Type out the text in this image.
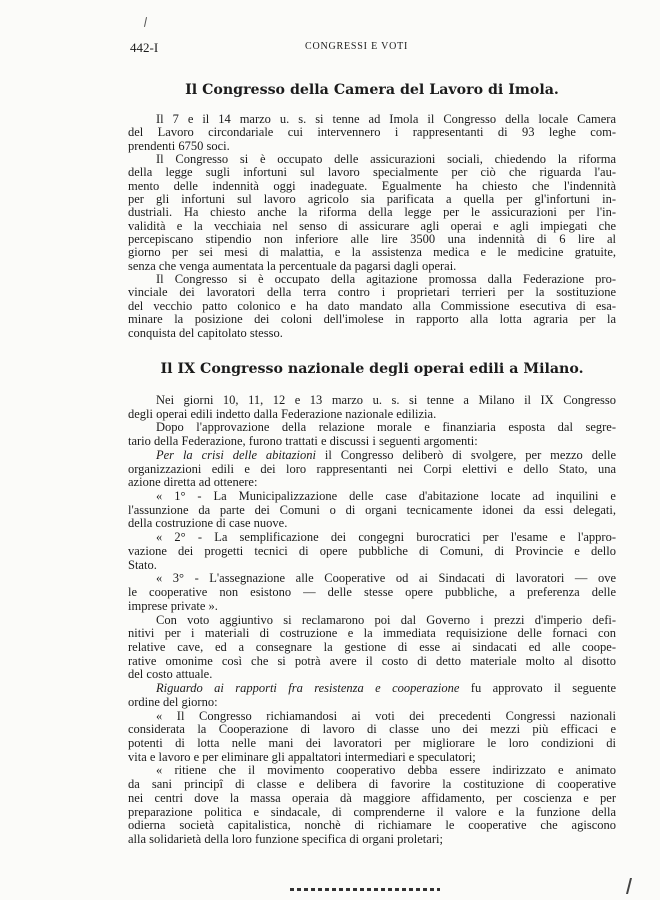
442-I	CONGRESSI E VOTI
Il Congresso della Camera del Lavoro di Imola.

Il 7 e il 14 marzo u. s. si tenne ad Imola il Congresso della locale Camera
del Lavoro circondariale cui intervennero i rappresentanti di 93 leghe com-
prendenti 6750 soci.

Il Congresso si è occupato delle assicurazioni sociali, chiedendo la riforma
della legge sugli infortuni sul lavoro specialmente per ciò che riguarda l'au-
mento delle indennità oggi inadeguate. Egualmente ha chiesto che l'indennità
per gli infortuni sul lavoro agricolo sia parificata a quella per gl'infortuni in-
dustriali. Ha chiesto anche la riforma della legge per le assicurazioni per l'in-
validità e la vecchiaia nel senso di assicurare agli operai e agli impiegati che
percepiscano stipendio non inferiore alle lire 3500 una indennità di 6 lire al
giorno per sei mesi di malattia, e la assistenza medica e le medicine gratuite,
senza che venga aumentata la percentuale da pagarsi dagli operai.

Il Congresso si è occupato della agitazione promossa dalla Federazione pro-
vinciale dei lavoratori della terra contro i proprietari terrieri per la sostituzione
del vecchio patto colonico e ha dato mandato alla Commissione esecutiva di esa-
minare la posizione dei coloni dell'imolese in rapporto alla lotta agraria per la
conquista del capitolato stesso.

Il IX Congresso nazionale degli operai edili a Milano.

Nei giorni 10, 11, 12 e 13 marzo u. s. si tenne a Milano il IX Congresso
degli operai edili indetto dalla Federazione nazionale edilizia.

Dopo l'approvazione della relazione morale e finanziaria esposta dal segre-
tario della Federazione, furono trattati e discussi i seguenti argomenti:

Per la crisi delle abitazioni il Congresso deliberò di svolgere, per mezzo delle
organizzazioni edili e dei loro rappresentanti nei Corpi elettivi e dello Stato, una
azione diretta ad ottenere:

« 1° - La Municipalizzazione delle case d'abitazione locate ad inquilini e
l'assunzione da parte dei Comuni o di organi tecnicamente idonei da essi delegati,
della costruzione di case nuove.

« 2° - La semplificazione dei congegni burocratici per l'esame e l'appro-
vazione dei progetti tecnici di opere pubbliche di Comuni, di Provincie e dello
Stato.

« 3° - L'assegnazione alle Cooperative od ai Sindacati di lavoratori — ove
le cooperative non esistono — delle stesse opere pubbliche, a preferenza delle
imprese private ».

Con voto aggiuntivo si reclamarono poi dal Governo i prezzi d'imperio defi-
nitivi per i materiali di costruzione e la immediata requisizione delle fornaci con
relative cave, ed a consegnare la gestione di esse ai sindacati ed alle coope-
rative omonime così che si potrà avere il costo di detto materiale molto al disotto
del costo attuale.

Riguardo ai rapporti fra resistenza e cooperazione fu approvato il seguente
ordine del giorno:

« Il Congresso richiamandosi ai voti dei precedenti Congressi nazionali
considerata la Cooperazione di lavoro di classe uno dei mezzi più efficaci e
potenti di lotta nelle mani dei lavoratori per migliorare le loro condizioni di
vita e lavoro e per eliminare gli appaltatori intermediari e speculatori;

« ritiene che il movimento cooperativo debba essere indirizzato e animato
da sani principî di classe e delibera di favorire la costituzione di cooperative
nei centri dove la massa operaia dà maggiore affidamento, per coscienza e per
preparazione politica e sindacale, di comprenderne il valore e la funzione della
odierna società capitalistica, nonchè di richiamare le cooperative che agiscono
alla solidarietà della loro funzione specifica di organi proletari;
